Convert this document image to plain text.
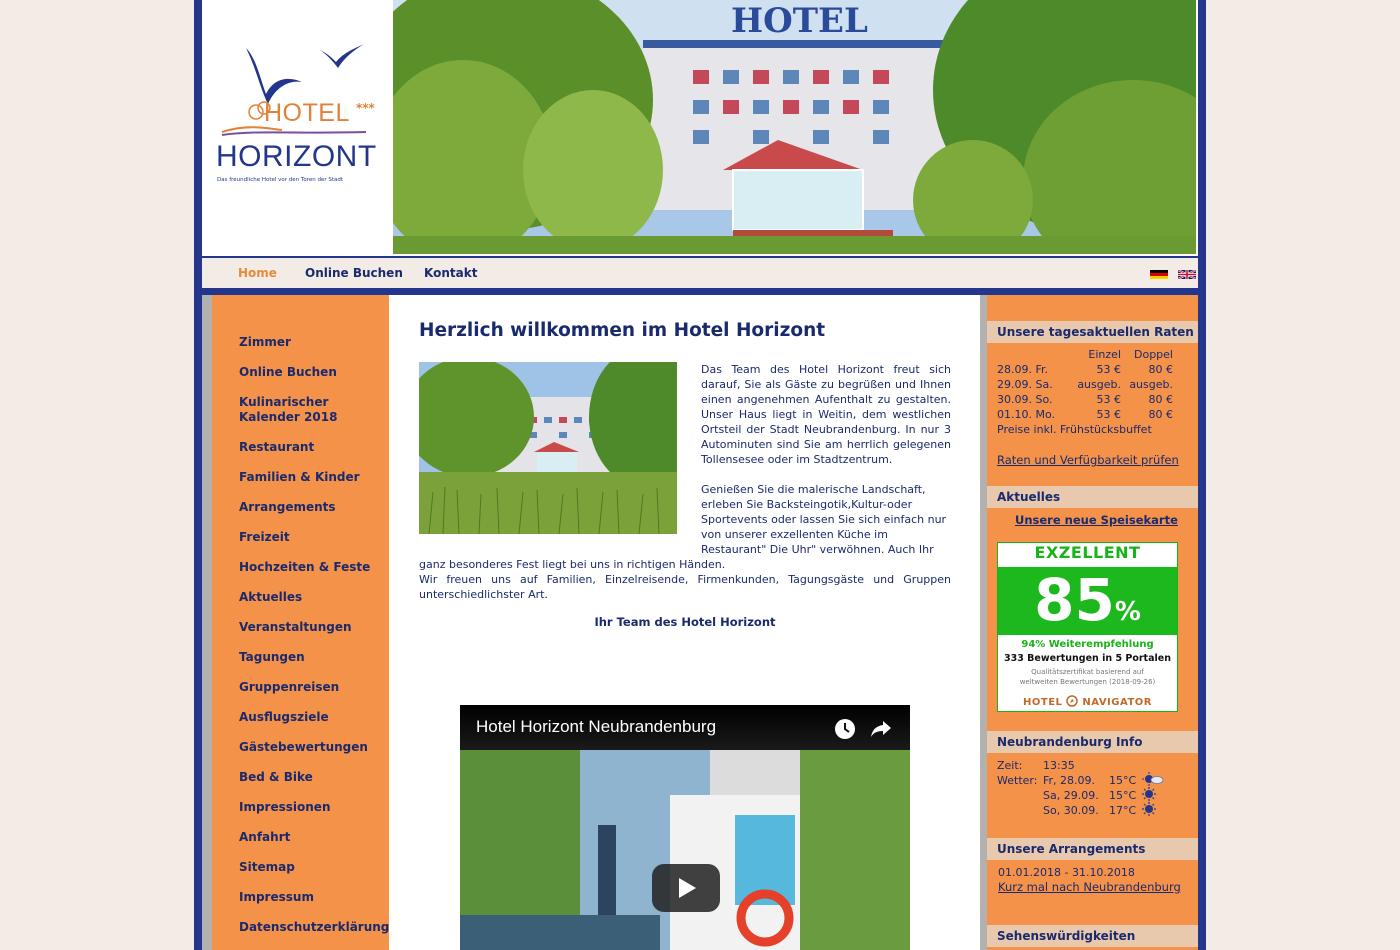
HOTEL ***
HORIZONT
Das freundliche Hotel vor den Toren der Stadt
HOTEL
Home Online Buchen Kontakt
Zimmer
Online Buchen
Kulinarischer Kalender 2018
Restaurant
Familien & Kinder
Arrangements
Freizeit
Hochzeiten & Feste
Aktuelles
Veranstaltungen
Tagungen
Gruppenreisen
Ausflugsziele
Gästebewertungen
Bed & Bike
Impressionen
Anfahrt
Sitemap
Impressum
Datenschutzerklärung
Herzlich willkommen im Hotel Horizont

Das Team des Hotel Horizont freut sich darauf, Sie als Gäste zu begrüßen und Ihnen einen angenehmen Aufenthalt zu gestalten. Unser Haus liegt in Weitin, dem westlichen Ortsteil der Stadt Neubrandenburg. In nur 3 Autominuten sind Sie am herrlich gelegenen Tollensesee oder im Stadtzentrum.

Genießen Sie die malerische Landschaft, erleben Sie Backsteingotik,Kultur-oder Sportevents oder lassen Sie sich einfach nur von unserer exzellenten Küche im Restaurant" Die Uhr" verwöhnen. Auch Ihr

ganz besonderes Fest liegt bei uns in richtigen Händen.

Wir freuen uns auf Familien, Einzelreisende, Firmenkunden, Tagungsgäste und Gruppen unterschiedlichster Art.

Ihr Team des Hotel Horizont
Hotel Horizont Neubrandenburg
Unsere tagesaktuellen Raten
	Einzel	Doppel
28.09. Fr.	53 €	80 €
29.09. Sa.	ausgeb.	ausgeb.
30.09. So.	53 €	80 €
01.10. Mo.	53 €	80 €
Preise inkl. Frühstücksbuffet		
Raten und Verfügbarkeit prüfen
Aktuelles
Unsere neue Speisekarte
EXZELLENT
85%
94% Weiterempfehlung
333 Bewertungen in 5 Portalen
Qualitätszertifikat basierend auf
weltweiten Bewertungen (2018-09-26)
HOTEL NAVIGATOR
Neubrandenburg Info
Zeit: 13:35
Wetter: Fr, 28.09. 15°C
Sa, 29.09. 15°C
So, 30.09. 17°C
Unsere Arrangements
01.01.2018 - 31.10.2018
Kurz mal nach Neubrandenburg
Sehenswürdigkeiten
